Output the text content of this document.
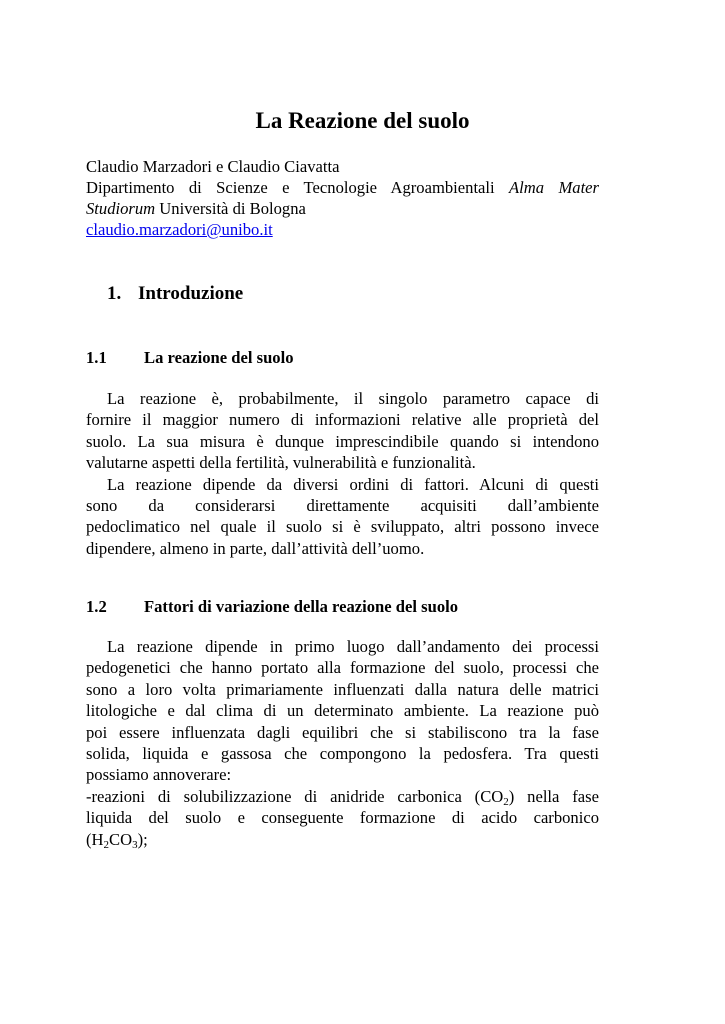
La Reazione del suolo
Claudio Marzadori e Claudio Ciavatta
Dipartimento di Scienze e Tecnologie Agroambientali Alma Mater
Studiorum Università di Bologna
claudio.marzadori@unibo.it
1. Introduzione
1.1 La reazione del suolo
La reazione è, probabilmente, il singolo parametro capace di
fornire il maggior numero di informazioni relative alle proprietà del
suolo. La sua misura è dunque imprescindibile quando si intendono
valutarne aspetti della fertilità, vulnerabilità e funzionalità.
La reazione dipende da diversi ordini di fattori. Alcuni di questi
sono da considerarsi direttamente acquisiti dall’ambiente
pedoclimatico nel quale il suolo si è sviluppato, altri possono invece
dipendere, almeno in parte, dall’attività dell’uomo.
1.2 Fattori di variazione della reazione del suolo
La reazione dipende in primo luogo dall’andamento dei processi
pedogenetici che hanno portato alla formazione del suolo, processi che
sono a loro volta primariamente influenzati dalla natura delle matrici
litologiche e dal clima di un determinato ambiente. La reazione può
poi essere influenzata dagli equilibri che si stabiliscono tra la fase
solida, liquida e gassosa che compongono la pedosfera. Tra questi
possiamo annoverare:
-reazioni di solubilizzazione di anidride carbonica $(CO_2)$ nella fase
liquida del suolo e conseguente formazione di acido carbonico
$(H_2CO_3)$;
